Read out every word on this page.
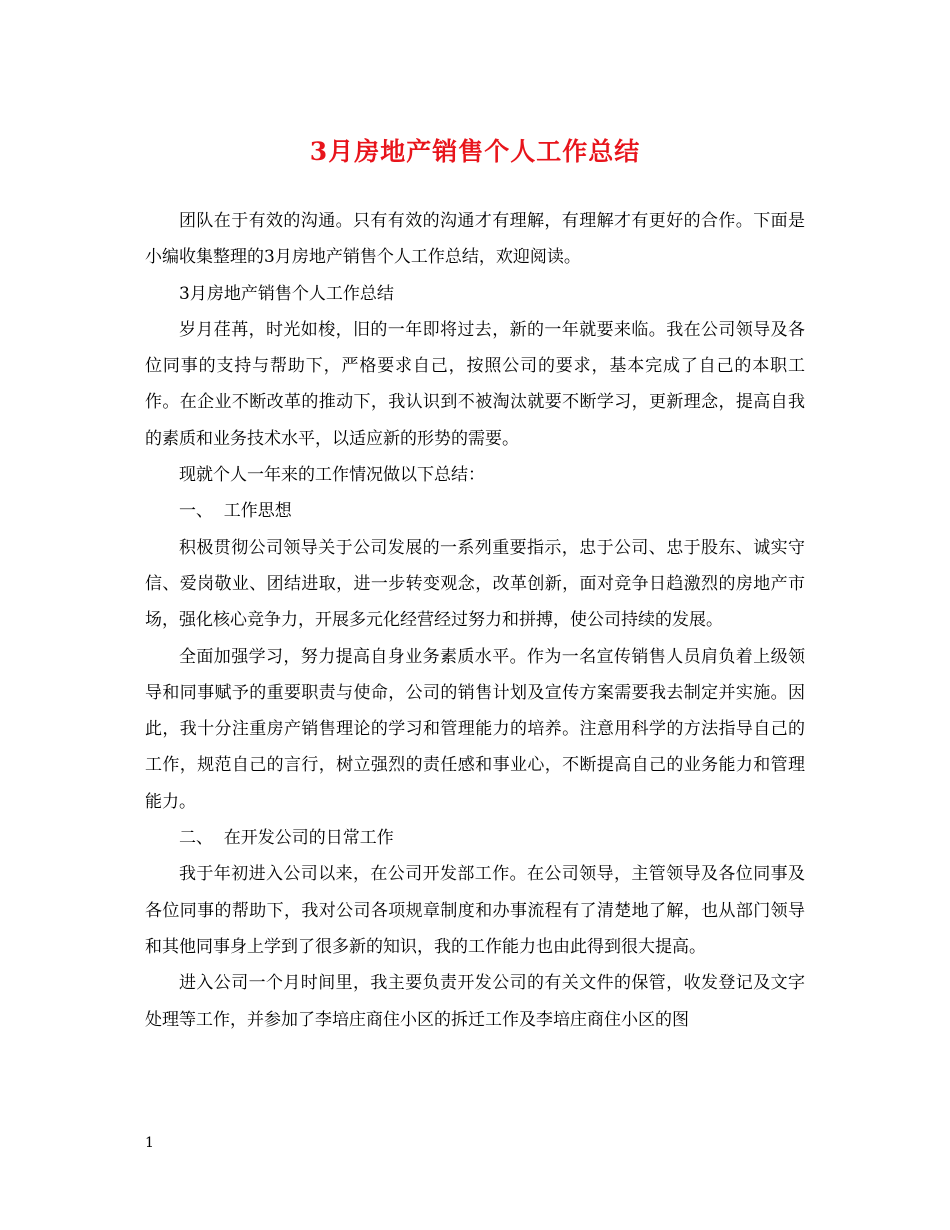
3月房地产销售个人工作总结

团队在于有效的沟通。只有有效的沟通才有理解，有理解才有更好的合作。下面是小编收集整理的3月房地产销售个人工作总结，欢迎阅读。

3月房地产销售个人工作总结

岁月荏苒，时光如梭，旧的一年即将过去，新的一年就要来临。我在公司领导及各位同事的支持与帮助下，严格要求自己，按照公司的要求，基本完成了自己的本职工作。在企业不断改革的推动下，我认识到不被淘汰就要不断学习，更新理念，提高自我的素质和业务技术水平，以适应新的形势的需要。

现就个人一年来的工作情况做以下总结：

一、  工作思想

积极贯彻公司领导关于公司发展的一系列重要指示，忠于公司、忠于股东、诚实守信、爱岗敬业、团结进取，进一步转变观念，改革创新，面对竞争日趋激烈的房地产市场，强化核心竞争力，开展多元化经营经过努力和拼搏，使公司持续的发展。

全面加强学习，努力提高自身业务素质水平。作为一名宣传销售人员肩负着上级领导和同事赋予的重要职责与使命，公司的销售计划及宣传方案需要我去制定并实施。因此，我十分注重房产销售理论的学习和管理能力的培养。注意用科学的方法指导自己的工作，规范自己的言行，树立强烈的责任感和事业心，不断提高自己的业务能力和管理能力。

二、  在开发公司的日常工作

我于年初进入公司以来，在公司开发部工作。在公司领导，主管领导及各位同事及各位同事的帮助下，我对公司各项规章制度和办事流程有了清楚地了解，也从部门领导和其他同事身上学到了很多新的知识，我的工作能力也由此得到很大提高。

进入公司一个月时间里，我主要负责开发公司的有关文件的保管，收发登记及文字处理等工作，并参加了李培庄商住小区的拆迁工作及李培庄商住小区的图

1
